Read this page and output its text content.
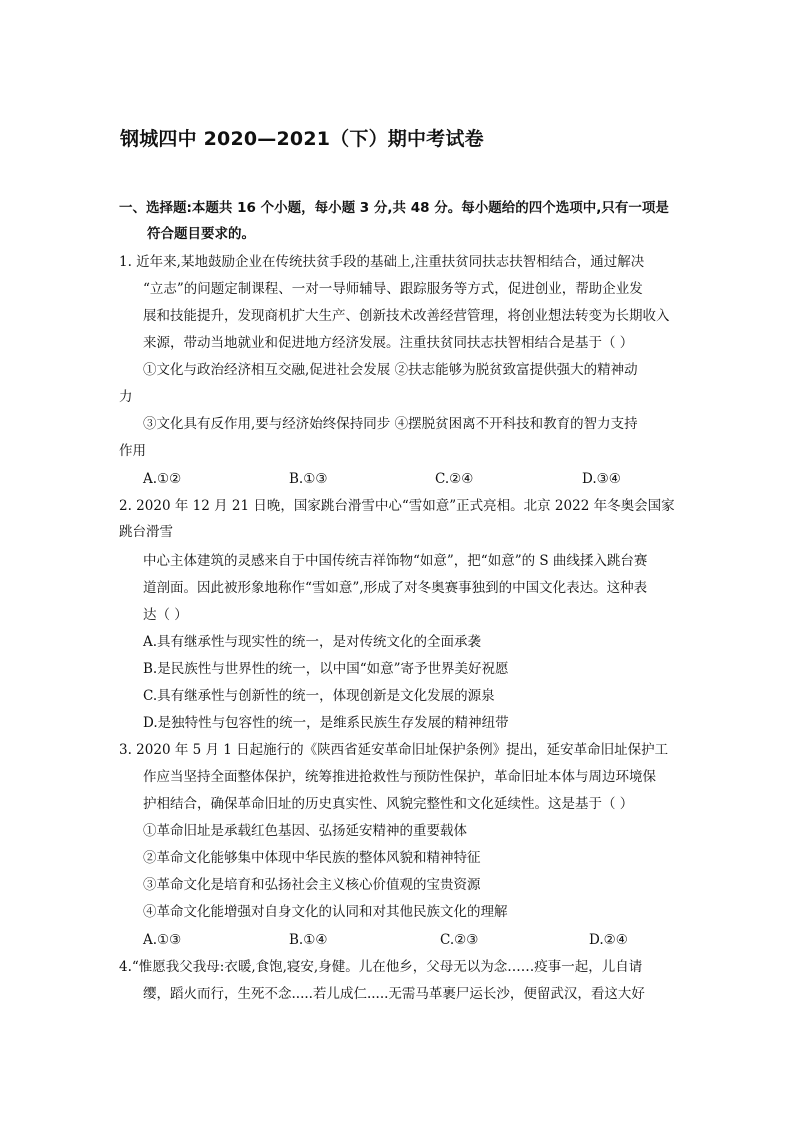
钢城四中 2020—2021（下）期中考试卷
一、选择题:本题共 16 个小题，每小题 3 分,共 48 分。每小题给的四个选项中,只有一项是
符合题目要求的。
1. 近年来,某地鼓励企业在传统扶贫手段的基础上,注重扶贫同扶志扶智相结合，通过解决
“立志”的问题定制课程、一对一导师辅导、跟踪服务等方式，促进创业，帮助企业发
展和技能提升，发现商机扩大生产、创新技术改善经营管理，将创业想法转变为长期收入
来源，带动当地就业和促进地方经济发展。注重扶贫同扶志扶智相结合是基于（ ）
①文化与政治经济相互交融,促进社会发展 ②扶志能够为脱贫致富提供强大的精神动
力
③文化具有反作用,要与经济始终保持同步 ④摆脱贫困离不开科技和教育的智力支持
作用
A.①②	B.①③	C.②④	D.③④
2. 2020 年 12 月 21 日晚，国家跳台滑雪中心“雪如意”正式亮相。北京 2022 年冬奥会国家
跳台滑雪
中心主体建筑的灵感来自于中国传统吉祥饰物“如意”，把“如意”的 S 曲线揉入跳台赛
道剖面。因此被形象地称作“雪如意”,形成了对冬奥赛事独到的中国文化表达。这种表
达（ ）
A.具有继承性与现实性的统一，是对传统文化的全面承袭
B.是民族性与世界性的统一，以中国“如意”寄予世界美好祝愿
C.具有继承性与创新性的统一，体现创新是文化发展的源泉
D.是独特性与包容性的统一，是维系民族生存发展的精神纽带
3. 2020 年 5 月 1 日起施行的《陕西省延安革命旧址保护条例》提出，延安革命旧址保护工
作应当坚持全面整体保护，统筹推进抢救性与预防性保护，革命旧址本体与周边环境保
护相结合，确保革命旧址的历史真实性、风貌完整性和文化延续性。这是基于（ ）
①革命旧址是承载红色基因、弘扬延安精神的重要载体
②革命文化能够集中体现中华民族的整体风貌和精神特征
③革命文化是培育和弘扬社会主义核心价值观的宝贵资源
④革命文化能增强对自身文化的认同和对其他民族文化的理解
A.①③	B.①④	C.②③	D.②④
4.“惟愿我父我母:衣暖,食饱,寝安,身健。儿在他乡，父母无以为念……疫事一起，儿自请
缨，蹈火而行，生死不念.....若儿成仁.....无需马革裹尸运长沙，便留武汉，看这大好
